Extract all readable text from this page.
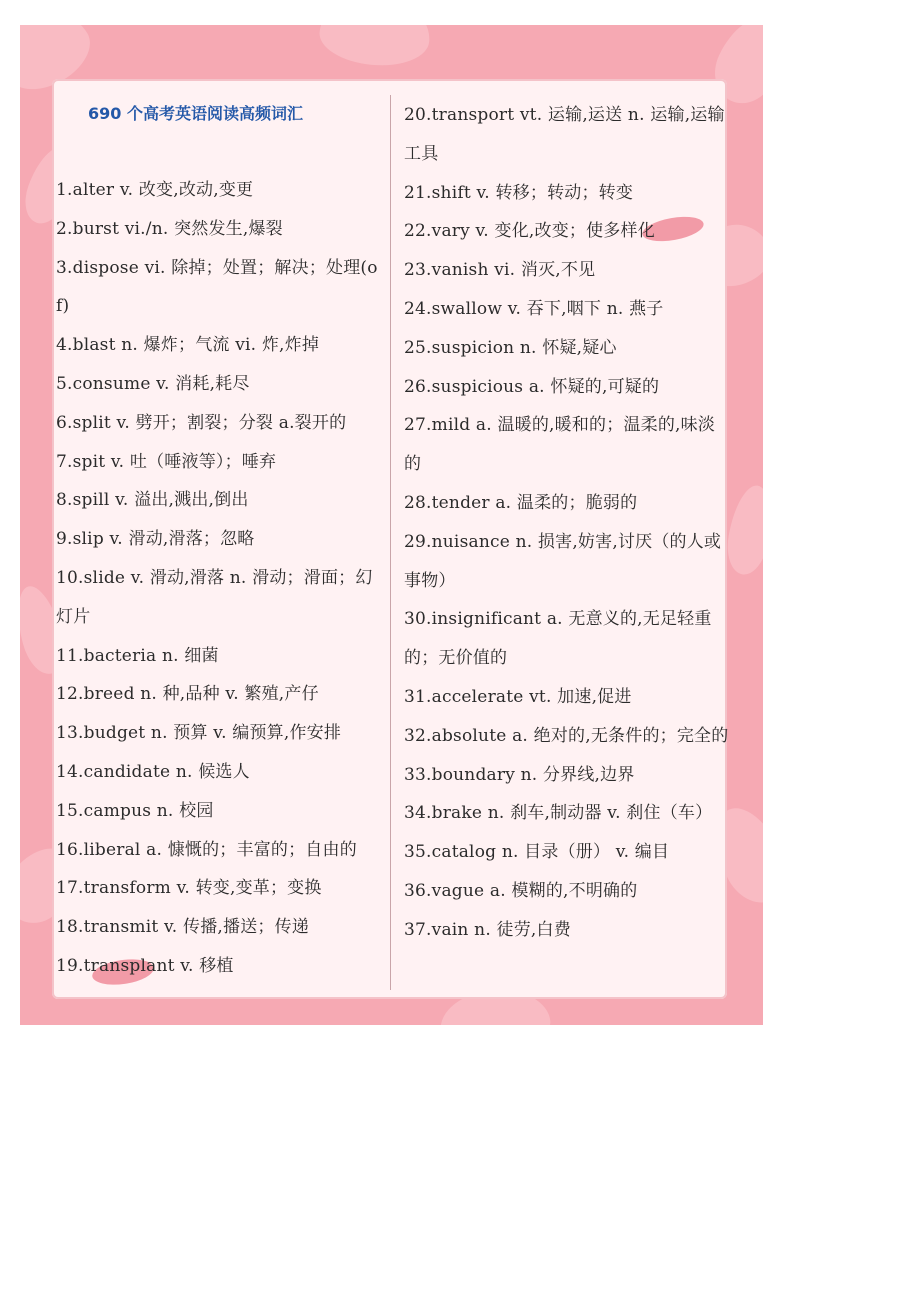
690 个高考英语阅读高频词汇
1.alter v. 改变,改动,变更
2.burst vi./n. 突然发生,爆裂
3.dispose vi. 除掉；处置；解决；处理(of)
4.blast n. 爆炸；气流 vi. 炸,炸掉
5.consume v. 消耗,耗尽
6.split v. 劈开；割裂；分裂 a.裂开的
7.spit v. 吐（唾液等）；唾弃
8.spill v. 溢出,溅出,倒出
9.slip v. 滑动,滑落；忽略
10.slide v. 滑动,滑落 n. 滑动；滑面；幻灯片
11.bacteria n. 细菌
12.breed n. 种,品种 v. 繁殖,产仔
13.budget n. 预算 v. 编预算,作安排
14.candidate n. 候选人
15.campus n. 校园
16.liberal a. 慷慨的；丰富的；自由的
17.transform v. 转变,变革；变换
18.transmit v. 传播,播送；传递
19.transplant v. 移植
20.transport vt. 运输,运送 n. 运输,运输工具
21.shift v. 转移；转动；转变
22.vary v. 变化,改变；使多样化
23.vanish vi. 消灭,不见
24.swallow v. 吞下,咽下 n. 燕子
25.suspicion n. 怀疑,疑心
26.suspicious a. 怀疑的,可疑的
27.mild a. 温暖的,暖和的；温柔的,味淡的
28.tender a. 温柔的；脆弱的
29.nuisance n. 损害,妨害,讨厌（的人或事物）
30.insignificant a. 无意义的,无足轻重的；无价值的
31.accelerate vt. 加速,促进
32.absolute a. 绝对的,无条件的；完全的
33.boundary n. 分界线,边界
34.brake n. 刹车,制动器 v. 刹住（车）
35.catalog n. 目录（册） v. 编目
36.vague a. 模糊的,不明确的
37.vain n. 徒劳,白费
